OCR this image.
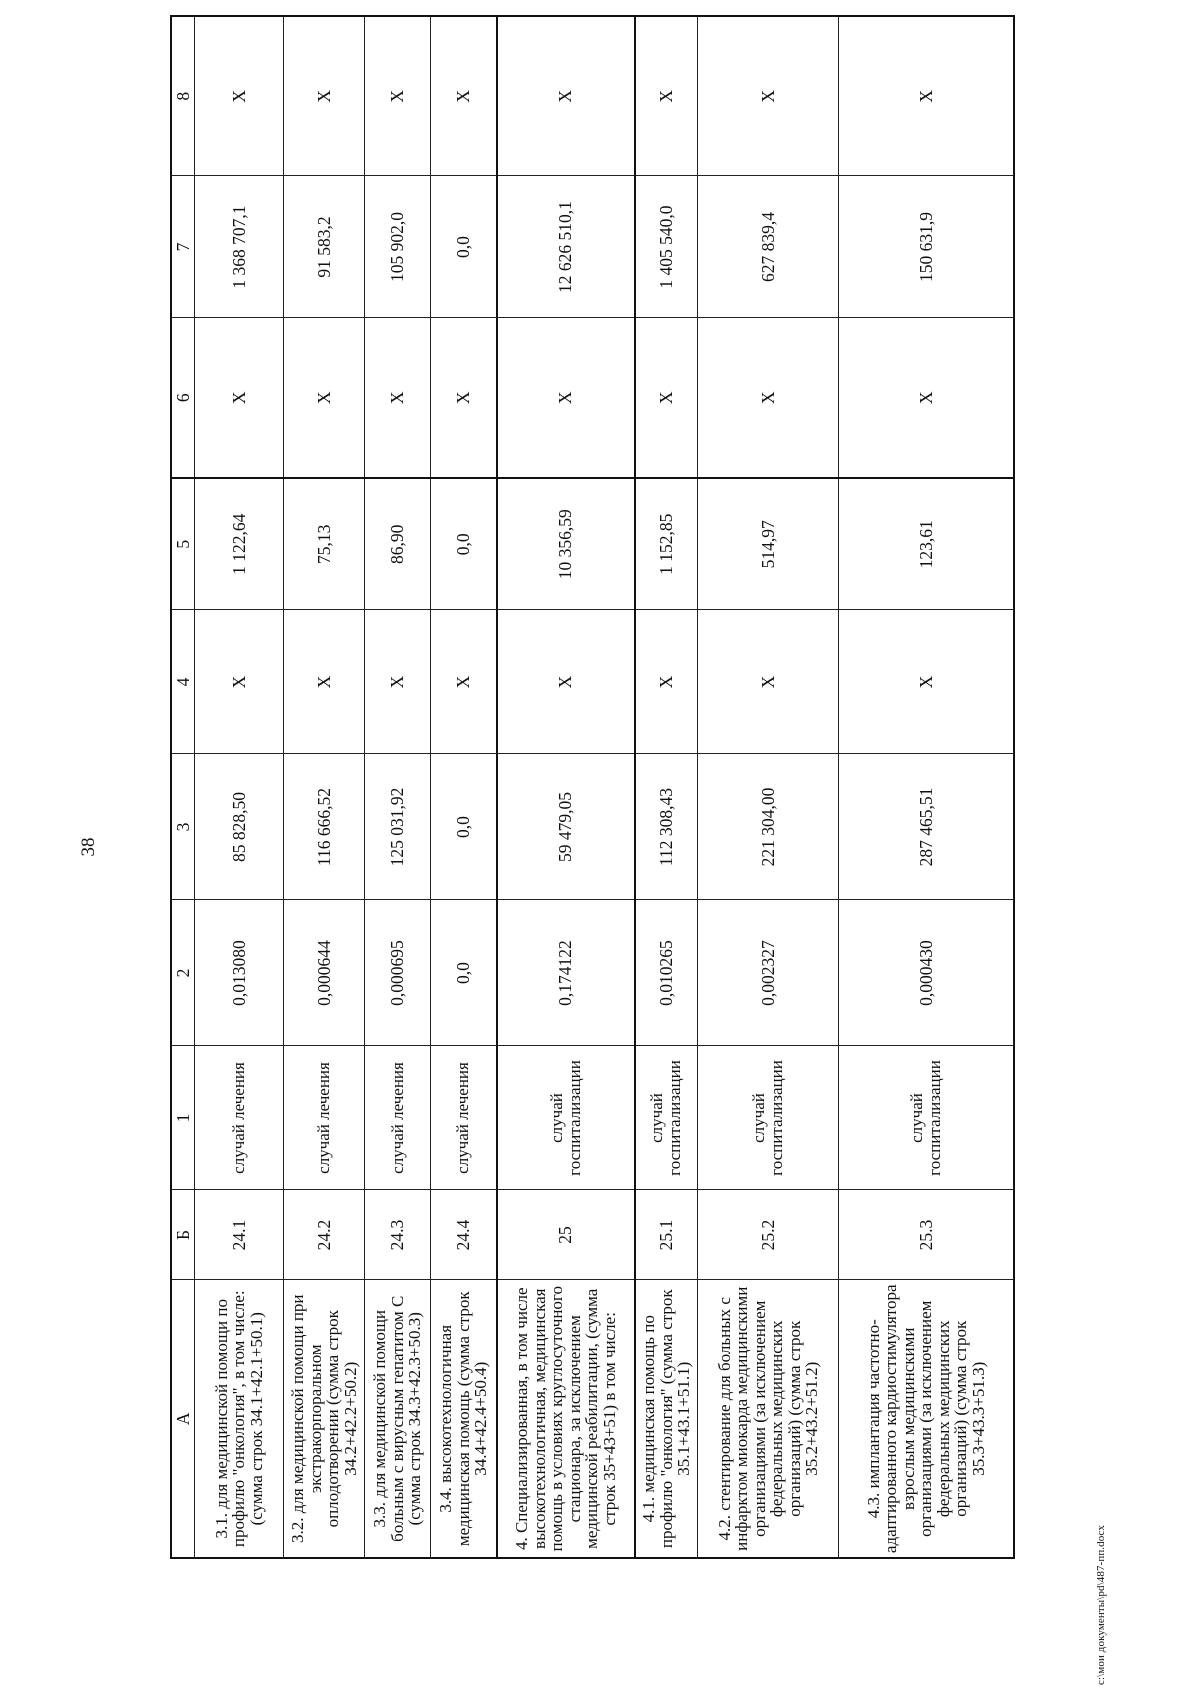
38
А	Б	1	2	3	4	5	6	7	8
3.1. для медицинской помощи по профилю "онкология", в том числе: (сумма строк 34.1+42.1+50.1)	24.1	случай лечения	0,013080	85 828,50	Х	1 122,64	Х	1 368 707,1	Х
3.2. для медицинской помощи при экстракорпоральном оплодотворении (сумма строк 34.2+42.2+50.2)	24.2	случай лечения	0,000644	116 666,52	Х	75,13	Х	91 583,2	Х
3.3. для медицинской помощи больным с вирусным гепатитом С (сумма строк 34.3+42.3+50.3)	24.3	случай лечения	0,000695	125 031,92	Х	86,90	Х	105 902,0	Х
3.4. высокотехнологичная медицинская помощь (сумма строк 34.4+42.4+50.4)	24.4	случай лечения	0,0	0,0	Х	0,0	Х	0,0	Х
4. Специализированная, в том числе высокотехнологичная, медицинская помощь в условиях круглосуточного стационара, за исключением медицинской реабилитации, (сумма строк 35+43+51) в том числе:	25	случай госпитализации	0,174122	59 479,05	Х	10 356,59	Х	12 626 510,1	Х
4.1. медицинская помощь по профилю "онкология" (сумма строк 35.1+43.1+51.1)	25.1	случай госпитализации	0,010265	112 308,43	Х	1 152,85	Х	1 405 540,0	Х
4.2. стентирование для больных с инфарктом миокарда медицинскими организациями (за исключением федеральных медицинских организаций) (сумма строк 35.2+43.2+51.2)	25.2	случай госпитализации	0,002327	221 304,00	Х	514,97	Х	627 839,4	Х
4.3. имплантация частотно-адаптированного кардиостимулятора взрослым медицинскими организациями (за исключением федеральных медицинских организаций) (сумма строк 35.3+43.3+51.3)	25.3	случай госпитализации	0,000430	287 465,51	Х	123,61	Х	150 631,9	Х
c:\мои документы\pd\487-пп.docx
